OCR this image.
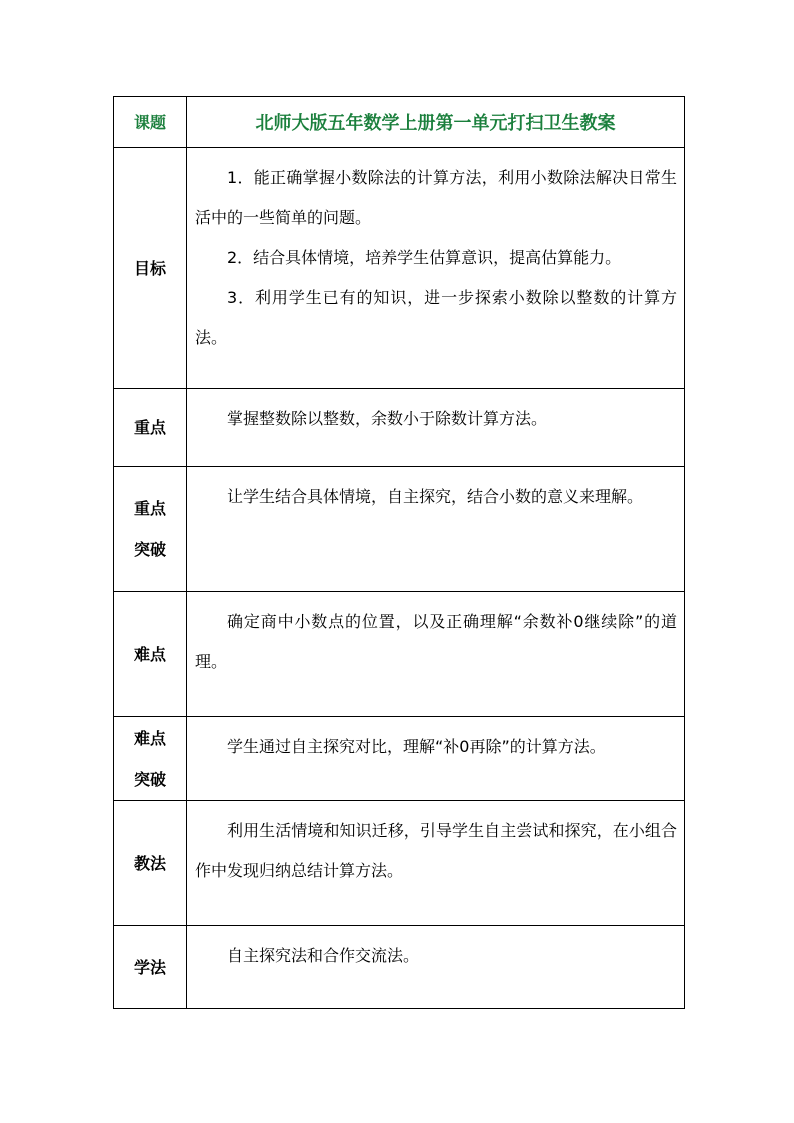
课题	北师大版五年数学上册第一单元打扫卫生教案

目标	1．能正确掌握小数除法的计算方法，利用小数除法解决日常生活中的一些简单的问题。

2．结合具体情境，培养学生估算意识，提高估算能力。

3．利用学生已有的知识，进一步探索小数除以整数的计算方法。

重点	掌握整数除以整数，余数小于除数计算方法。

重点
突破	让学生结合具体情境，自主探究，结合小数的意义来理解。

难点	确定商中小数点的位置，以及正确理解“余数补0继续除”的道理。

难点
突破	学生通过自主探究对比，理解“补0再除”的计算方法。

教法	利用生活情境和知识迁移，引导学生自主尝试和探究，在小组合作中发现归纳总结计算方法。

学法	自主探究法和合作交流法。
